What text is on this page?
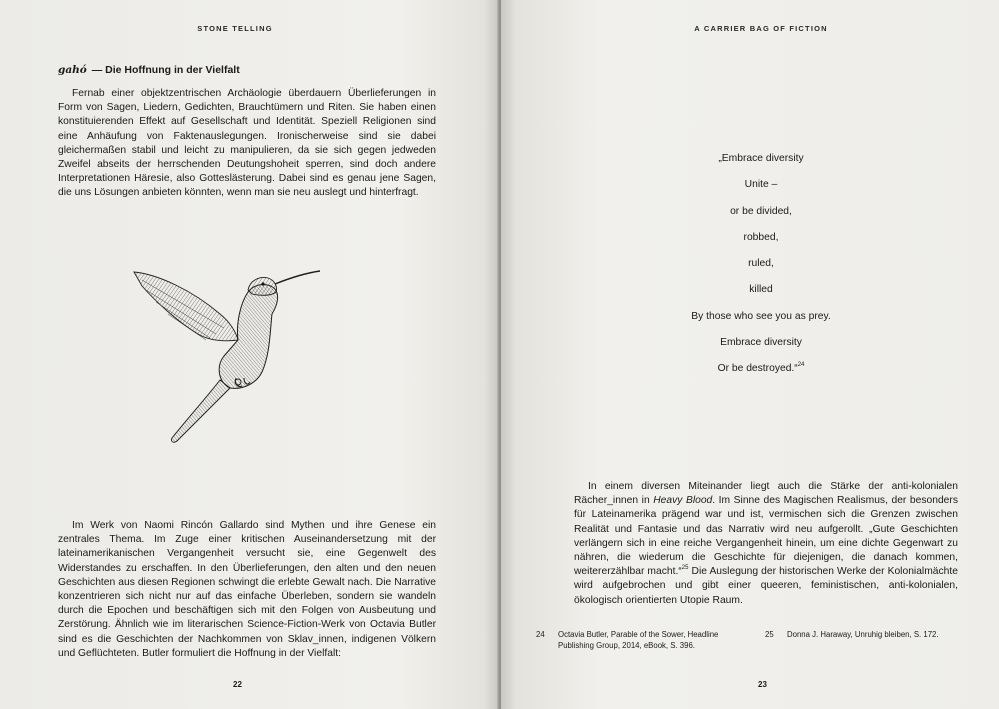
STONE TELLING
gahó — Die Hoffnung in der Vielfalt
Fernab einer objektzentrischen Archäologie überdauern Überlieferungen in Form von Sagen, Liedern, Gedichten, Brauchtümern und Riten. Sie haben einen konstituierenden Effekt auf Gesellschaft und Identität. Speziell Religionen sind eine Anhäufung von Faktenauslegungen. Ironischerweise sind sie dabei gleichermaßen stabil und leicht zu manipulieren, da sie sich gegen jedweden Zweifel abseits der herrschenden Deutungshoheit sperren, sind doch andere Interpretationen Häresie, also Gotteslästerung. Dabei sind es genau jene Sagen, die uns Lösungen anbieten könnten, wenn man sie neu auslegt und hinterfragt.
Im Werk von Naomi Rincón Gallardo sind Mythen und ihre Genese ein zentrales Thema. Im Zuge einer kritischen Auseinandersetzung mit der lateinamerikanischen Vergangenheit versucht sie, eine Gegenwelt des Widerstandes zu erschaffen. In den Überlieferungen, den alten und den neuen Geschichten aus diesen Regionen schwingt die erlebte Gewalt nach. Die Narrative konzentrieren sich nicht nur auf das einfache Überleben, sondern sie wandeln durch die Epochen und beschäftigen sich mit den Folgen von Ausbeutung und Zerstörung. Ähnlich wie im literarischen Science-Fiction-Werk von Octavia Butler sind es die Geschichten der Nachkommen von Sklav_innen, indigenen Völkern und Geflüchteten. Butler formuliert die Hoffnung in der Vielfalt:
22
A CARRIER BAG OF FICTION
„Embrace diversity
Unite –
or be divided,
robbed,
ruled,
killed
By those who see you as prey.
Embrace diversity
Or be destroyed.“$^{24}$
In einem diversen Miteinander liegt auch die Stärke der anti-kolonialen Rächer_innen in Heavy Blood. Im Sinne des Magischen Realismus, der besonders für Lateinamerika prägend war und ist, vermischen sich die Grenzen zwischen Realität und Fantasie und das Narrativ wird neu aufgerollt. „Gute Geschichten verlängern sich in eine reiche Vergangenheit hinein, um eine dichte Gegenwart zu nähren, die wiederum die Geschichte für diejenigen, die danach kommen, weitererzählbar macht.“$^{25}$ Die Auslegung der historischen Werke der Kolonialmächte wird aufgebrochen und gibt einer queeren, feministischen, anti-kolonialen, ökologisch orientierten Utopie Raum.
24 Octavia Butler, Parable of the Sower, Headline
Publishing Group, 2014, eBook, S. 396.
25 Donna J. Haraway, Unruhig bleiben, S. 172.
23
